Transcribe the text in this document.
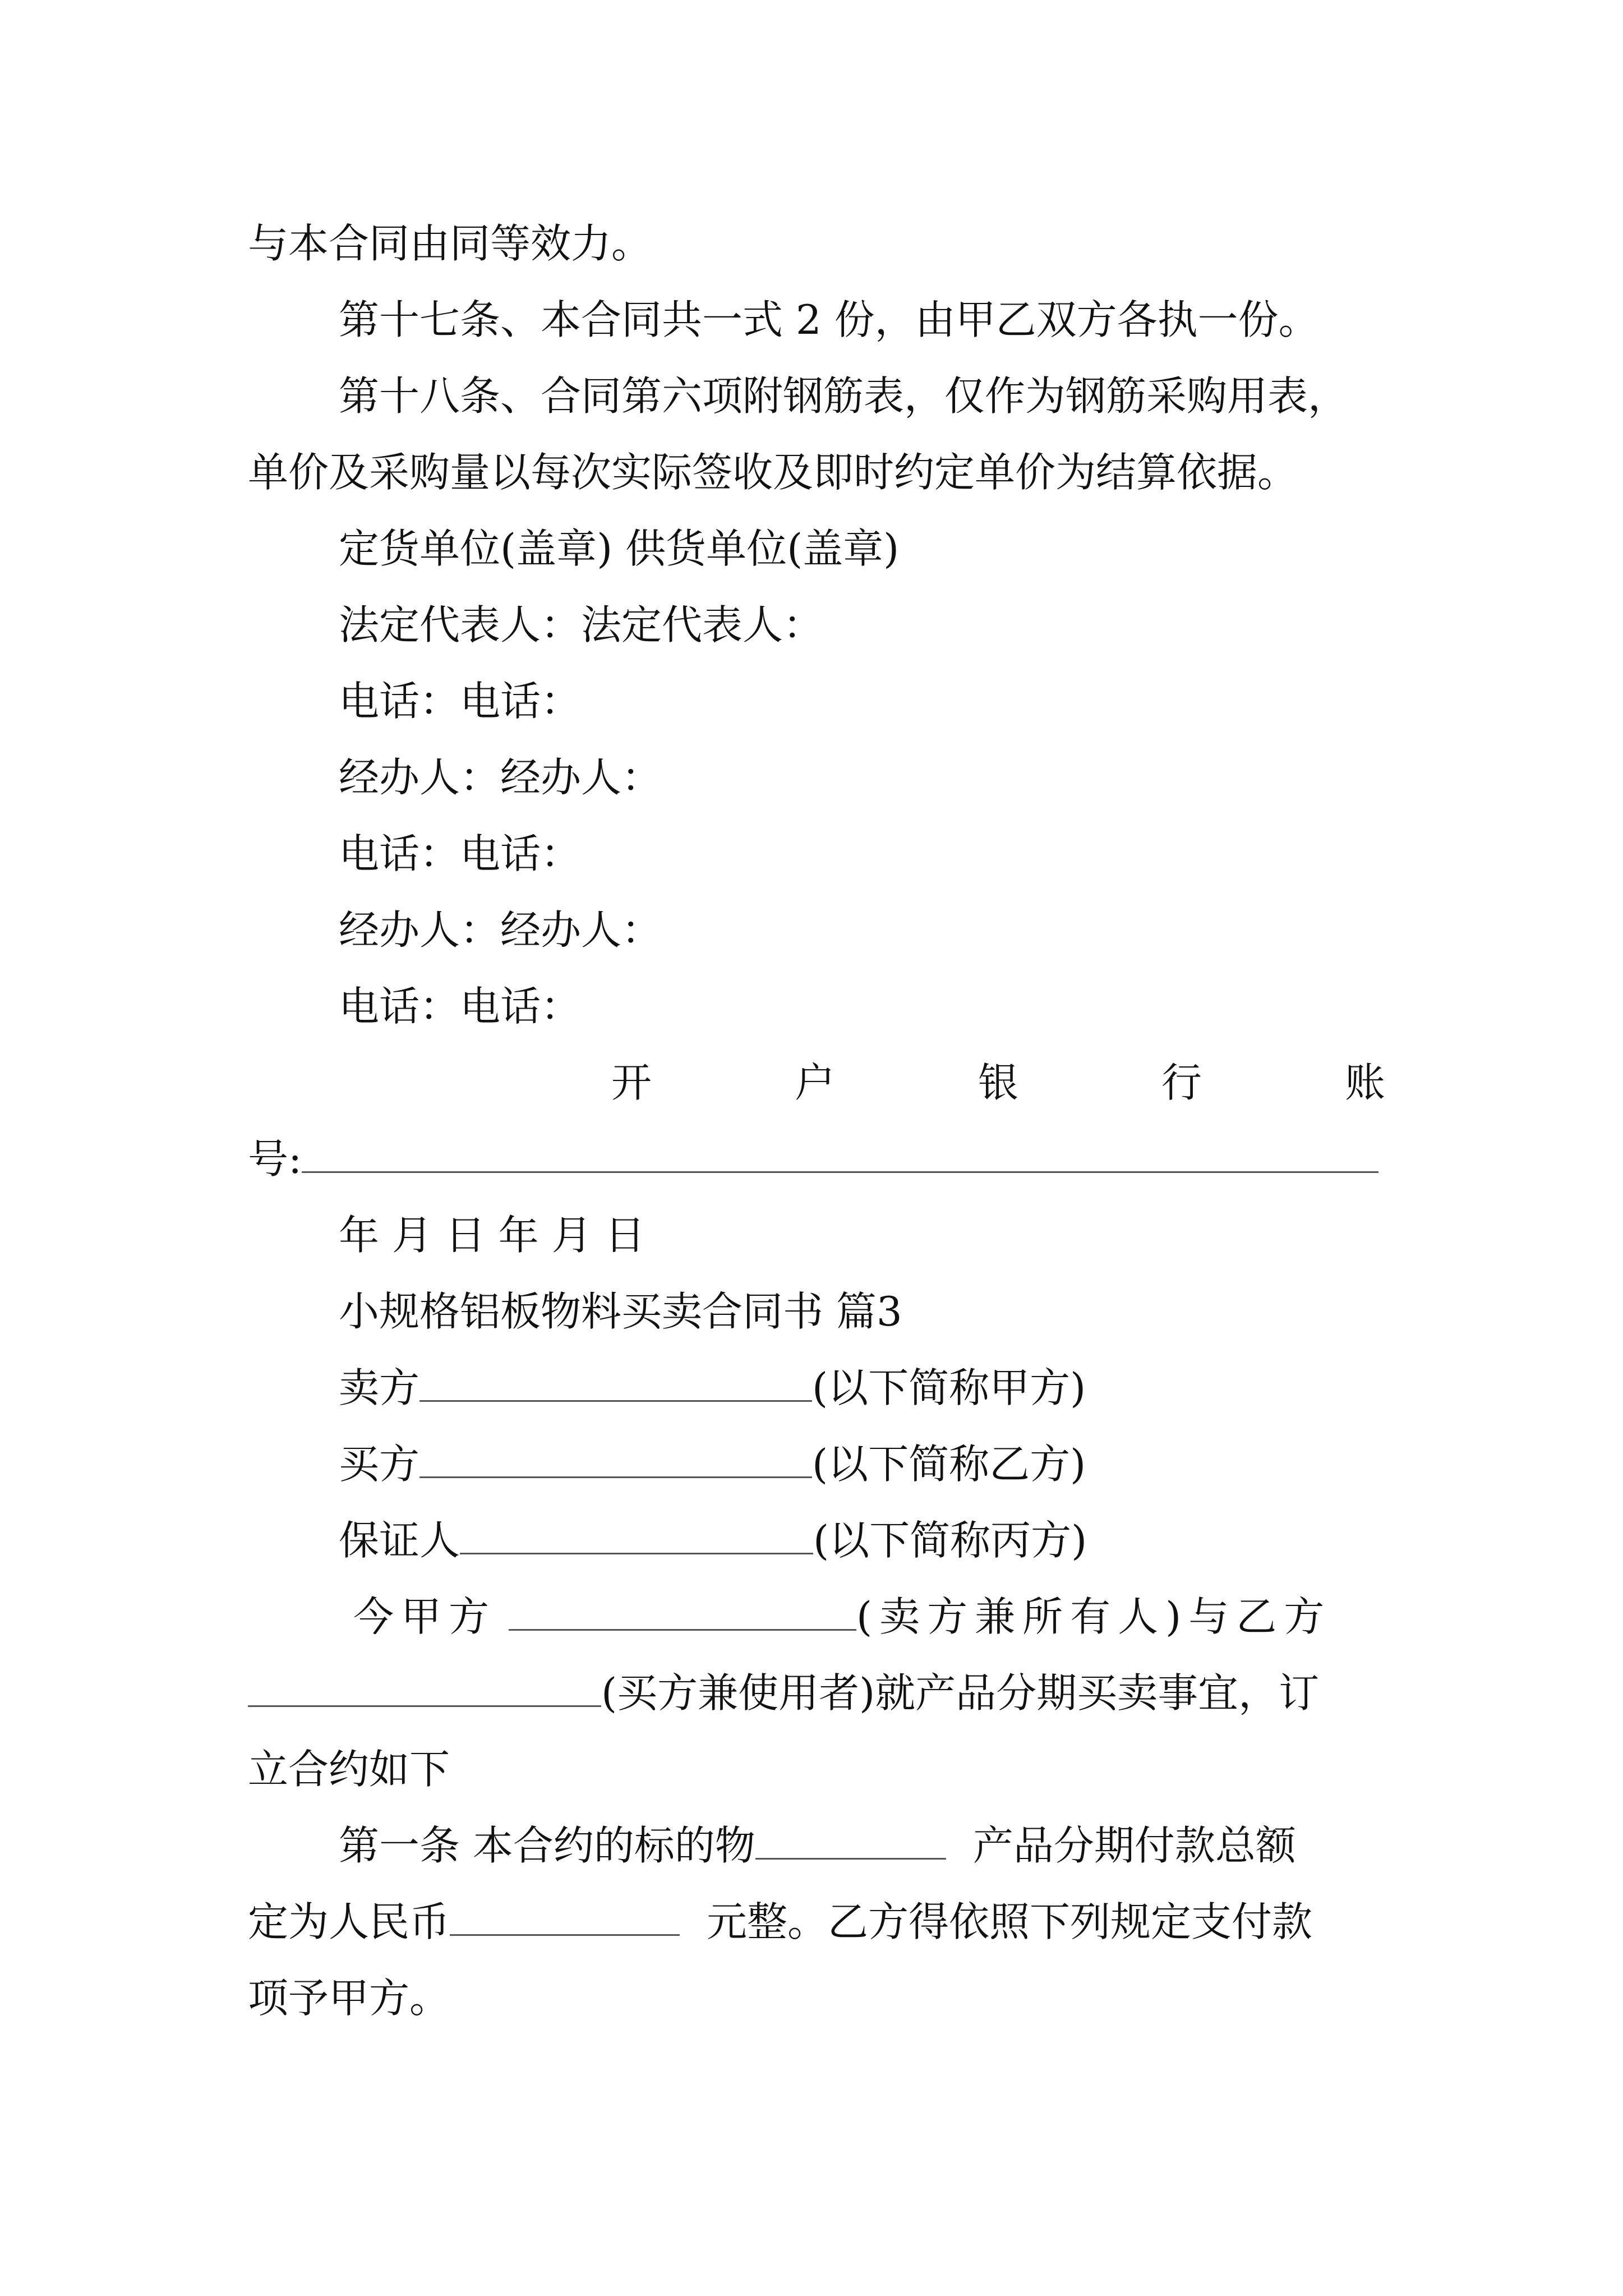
与本合同由同等效力。
第十七条、本合同共一式 2 份，由甲乙双方各执一份。
第十八条、合同第六项附钢筋表，仅作为钢筋采购用表，
单价及采购量以每次实际签收及即时约定单价为结算依据。
定货单位(盖章) 供货单位(盖章)
法定代表人：法定代表人：
电话：电话：
经办人：经办人：
电话：电话：
经办人：经办人：
电话：电话：
开	户	银	行	账
号:
年 月 日 年 月 日
小规格铝板物料买卖合同书 篇3
卖方	(以下简称甲方)
买方	(以下简称乙方)
保证人	(以下简称丙方)
今甲方	(卖方兼所有人)与乙方
(买方兼使用者)就产品分期买卖事宜，订
立合约如下
第一条 本合约的标的物	产品分期付款总额
定为人民币	元整。乙方得依照下列规定支付款
项予甲方。
